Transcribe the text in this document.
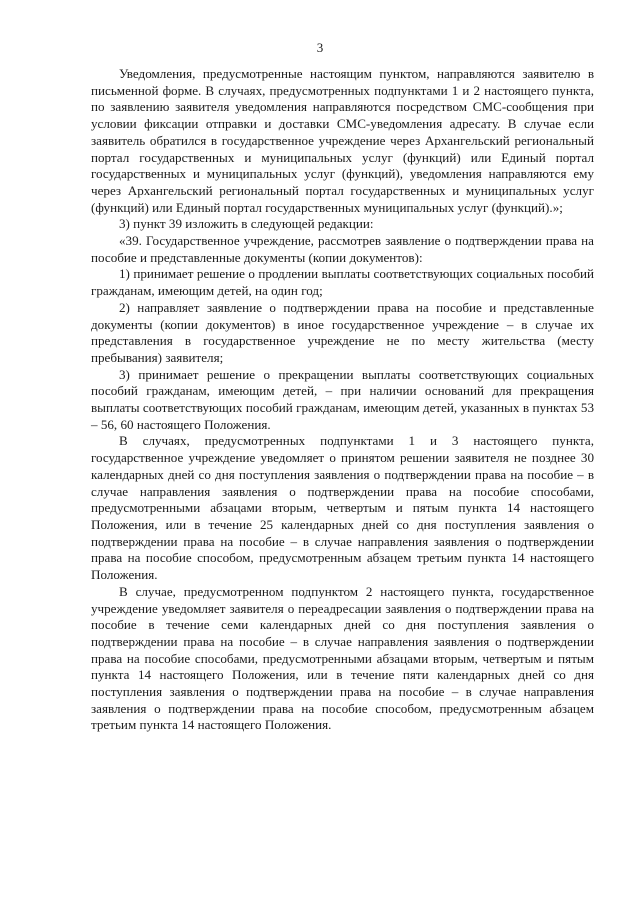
3

Уведомления, предусмотренные настоящим пунктом, направляются заявителю в письменной форме. В случаях, предусмотренных подпунктами 1 и 2 настоящего пункта, по заявлению заявителя уведомления направляются посредством СМС-сообщения при условии фиксации отправки и доставки СМС-уведомления адресату. В случае если заявитель обратился в государственное учреждение через Архангельский региональный портал государственных и муниципальных услуг (функций) или Единый портал государственных и муниципальных услуг (функций), уведомления направляются ему через Архангельский региональный портал государственных и муниципальных услуг (функций) или Единый портал государственных муниципальных услуг (функций).»;

3) пункт 39 изложить в следующей редакции:

«39. Государственное учреждение, рассмотрев заявление о подтверждении права на пособие и представленные документы (копии документов):

1) принимает решение о продлении выплаты соответствующих социальных пособий гражданам, имеющим детей, на один год;

2) направляет заявление о подтверждении права на пособие и представленные документы (копии документов) в иное государственное учреждение – в случае их представления в государственное учреждение не по месту жительства (месту пребывания) заявителя;

3) принимает решение о прекращении выплаты соответствующих социальных пособий гражданам, имеющим детей, – при наличии оснований для прекращения выплаты соответствующих пособий гражданам, имеющим детей, указанных в пунктах 53 – 56, 60 настоящего Положения.

В случаях, предусмотренных подпунктами 1 и 3 настоящего пункта, государственное учреждение уведомляет о принятом решении заявителя не позднее 30 календарных дней со дня поступления заявления о подтверждении права на пособие – в случае направления заявления о подтверждении права на пособие способами, предусмотренными абзацами вторым, четвертым и пятым пункта 14 настоящего Положения, или в течение 25 календарных дней со дня поступления заявления о подтверждении права на пособие – в случае направления заявления о подтверждении права на пособие способом, предусмотренным абзацем третьим пункта 14 настоящего Положения.

В случае, предусмотренном подпунктом 2 настоящего пункта, государственное учреждение уведомляет заявителя о переадресации заявления о подтверждении права на пособие в течение семи календарных дней со дня поступления заявления о подтверждении права на пособие – в случае направления заявления о подтверждении права на пособие способами, предусмотренными абзацами вторым, четвертым и пятым пункта 14 настоящего Положения, или в течение пяти календарных дней со дня поступления заявления о подтверждении права на пособие – в случае направления заявления о подтверждении права на пособие способом, предусмотренным абзацем третьим пункта 14 настоящего Положения.
